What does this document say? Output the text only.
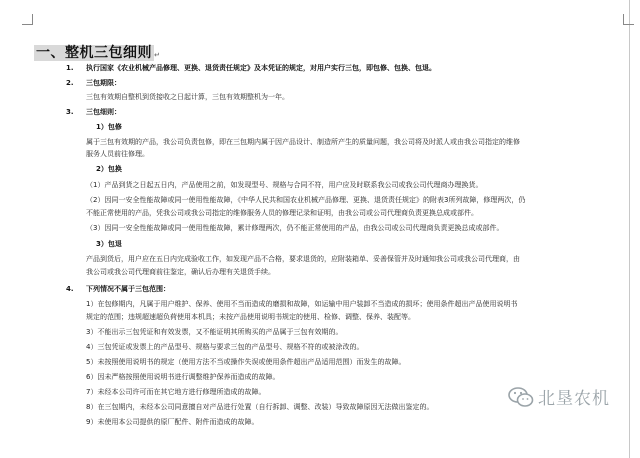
一、整机三包细则 ↵
1. 执行国家《农业机械产品修理、更换、退货责任规定》及本凭证的规定，对用户实行三包，即包修、包换、包退。
2. 三包期限：
三包有效期自整机到货接收之日起计算，三包有效期整机为一年。
3. 三包细则：
1）包修
属于三包有效期的产品，我公司负责包修，即在三包期内属于因产品设计、制造所产生的质量问题，我公司将及时派人或由我公司指定的维修
服务人员前往修理。
2）包换
（1）产品到货之日起五日内，产品使用之前，如发现型号、规格与合同不符，用户应及时联系我公司或我公司代理商办理换货。
（2）因同一安全性能故障或同一使用性能故障，《中华人民共和国农业机械产品修理、更换、退货责任规定》的附表3所列故障，修理两次，仍
不能正常使用的产品，凭我公司或我公司指定的维修服务人员的修理记录和证明，由我公司或公司代理商负责更换总成或部件。
（3）因同一安全性能故障或同一使用性能故障，累计修理两次，仍不能正常使用的产品，由我公司或公司代理商负责更换总成或部件。
3）包退
产品到货后，用户应在五日内完成验收工作，如发现产品不合格，要求退货的，应附装箱单、妥善保管并及时通知我公司或我公司代理商，由
我公司或我公司代理商前往鉴定，确认后办理有关退货手续。
4. 下列情况不属于三包范围：
1）在包修期内，凡属于用户维护、保养、使用不当而造成的磨损和故障，如运输中用户装卸不当造成的损坏；使用条件超出产品使用说明书
规定的范围；违规超速超负荷使用本机具；未按产品使用说明书规定的使用、检修、调整、保养、装配等。
3）不能出示三包凭证和有效发票，又不能证明其所购买的产品属于三包有效期的。
4）三包凭证或发票上的产品型号、规格与要求三包的产品型号、规格不符的或被涂改的。
5）未按照使用说明书的规定（使用方法不当或操作失误或使用条件超出产品适用范围）而发生的故障。
6）因未严格按照使用说明书进行调整维护保养而造成的故障。
7）未经本公司许可而在其它地方进行修理所造成的故障。
8）在三包期内，未经本公司同意擅自对产品进行处置（自行拆卸、调整、改装）导致故障原因无法做出鉴定的。
9）未使用本公司提供的原厂配件、附件而造成的故障。
北垦农机
